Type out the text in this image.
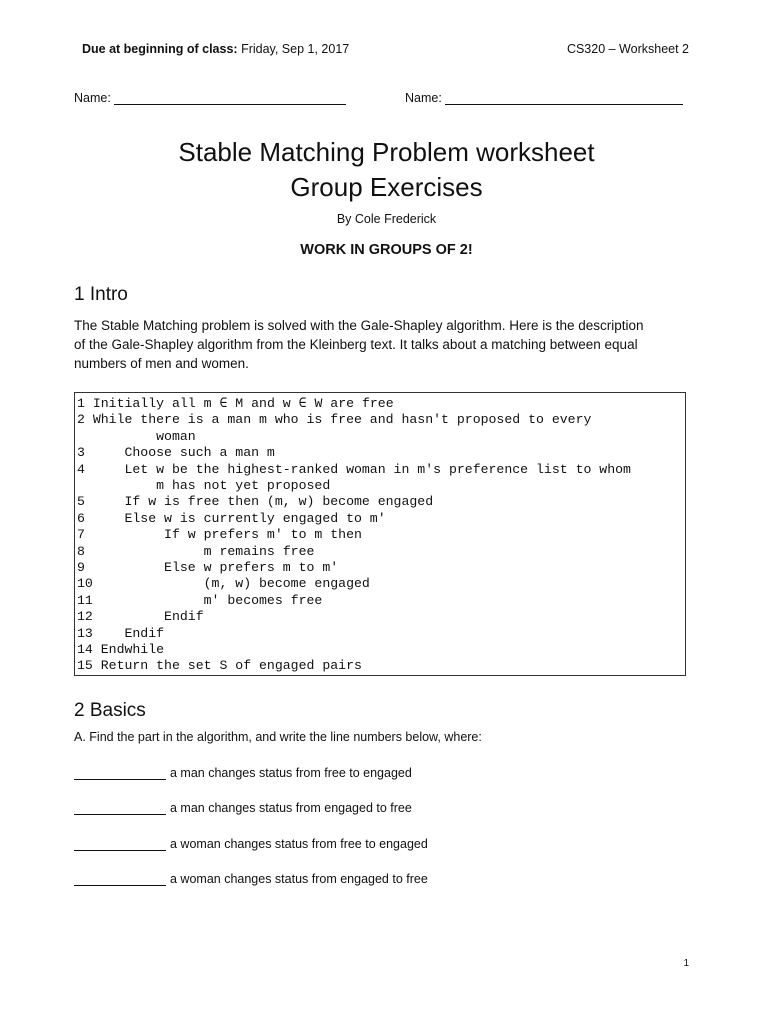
Due at beginning of class: Friday, Sep 1, 2017	CS320 – Worksheet 2
Name:	Name:
Stable Matching Problem worksheet
Group Exercises
By Cole Frederick
WORK IN GROUPS OF 2!
1 Intro
The Stable Matching problem is solved with the Gale-Shapley algorithm. Here is the description
of the Gale-Shapley algorithm from the Kleinberg text. It talks about a matching between equal
numbers of men and women.
1 Initially all m ∈ M and w ∈ W are free
2 While there is a man m who is free and hasn't proposed to every
woman
3     Choose such a man m
4     Let w be the highest-ranked woman in m's preference list to whom
m has not yet proposed
5     If w is free then (m, w) become engaged
6     Else w is currently engaged to m'
7          If w prefers m' to m then
8               m remains free
9          Else w prefers m to m'
10              (m, w) become engaged
11              m' becomes free
12         Endif
13    Endif
14 Endwhile
15 Return the set S of engaged pairs
2 Basics
A. Find the part in the algorithm, and write the line numbers below, where:
a man changes status from free to engaged
a man changes status from engaged to free
a woman changes status from free to engaged
a woman changes status from engaged to free
1
